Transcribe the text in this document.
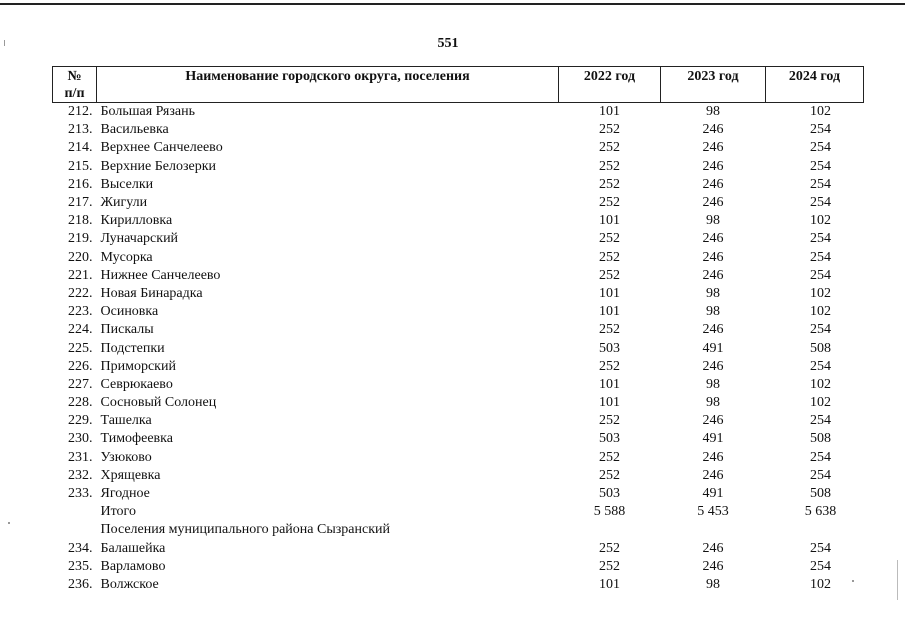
551
№
п/п	Наименование городского округа, поселения	2022 год	2023 год	2024 год
212.	Большая Рязань	101	98	102
213.	Васильевка	252	246	254
214.	Верхнее Санчелеево	252	246	254
215.	Верхние Белозерки	252	246	254
216.	Выселки	252	246	254
217.	Жигули	252	246	254
218.	Кирилловка	101	98	102
219.	Луначарский	252	246	254
220.	Мусорка	252	246	254
221.	Нижнее Санчелеево	252	246	254
222.	Новая Бинарадка	101	98	102
223.	Осиновка	101	98	102
224.	Пискалы	252	246	254
225.	Подстепки	503	491	508
226.	Приморский	252	246	254
227.	Севрюкаево	101	98	102
228.	Сосновый Солонец	101	98	102
229.	Ташелка	252	246	254
230.	Тимофеевка	503	491	508
231.	Узюково	252	246	254
232.	Хрящевка	252	246	254
233.	Ягодное	503	491	508
	Итого	5 588	5 453	5 638
	Поселения муниципального района Сызранский			
234.	Балашейка	252	246	254
235.	Варламово	252	246	254
236.	Волжское	101	98	102
